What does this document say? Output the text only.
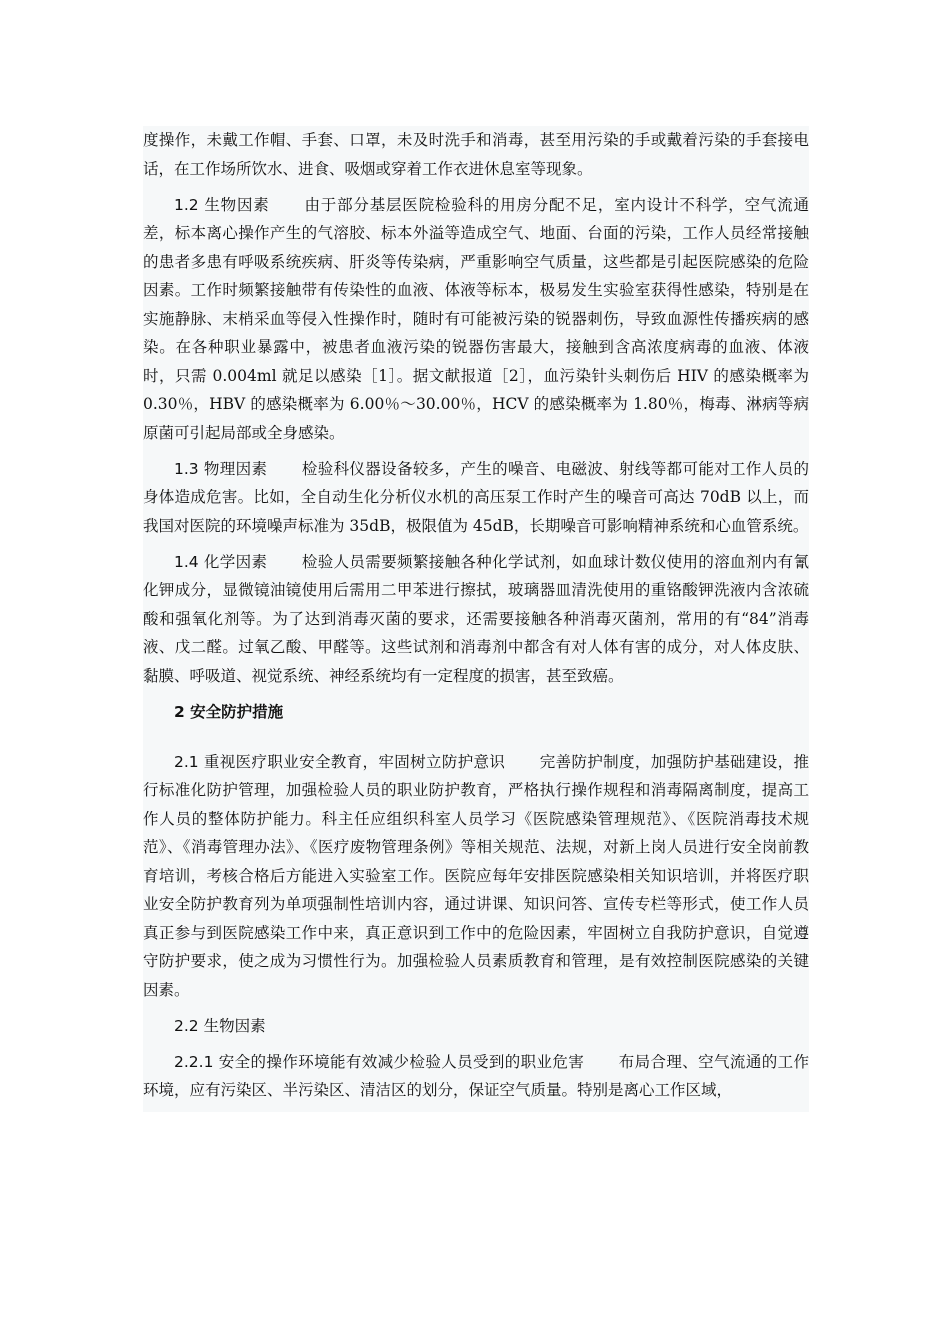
度操作，未戴工作帽、手套、口罩，未及时洗手和消毒，甚至用污染的手或戴着污染的手套接电话，在工作场所饮水、进食、吸烟或穿着工作衣进休息室等现象。

1.2 生物因素 由于部分基层医院检验科的用房分配不足，室内设计不科学，空气流通差，标本离心操作产生的气溶胶、标本外溢等造成空气、地面、台面的污染，工作人员经常接触的患者多患有呼吸系统疾病、肝炎等传染病，严重影响空气质量，这些都是引起医院感染的危险因素。工作时频繁接触带有传染性的血液、体液等标本，极易发生实验室获得性感染，特别是在实施静脉、末梢采血等侵入性操作时，随时有可能被污染的锐器刺伤，导致血源性传播疾病的感染。在各种职业暴露中，被患者血液污染的锐器伤害最大，接触到含高浓度病毒的血液、体液时，只需 0.004ml 就足以感染［1］。据文献报道［2］，血污染针头刺伤后 HIV 的感染概率为 0.30％，HBV 的感染概率为 6.00％～30.00％，HCV 的感染概率为 1.80％，梅毒、淋病等病原菌可引起局部或全身感染。

1.3 物理因素 检验科仪器设备较多，产生的噪音、电磁波、射线等都可能对工作人员的身体造成危害。比如，全自动生化分析仪水机的高压泵工作时产生的噪音可高达 70dB 以上，而我国对医院的环境噪声标准为 35dB，极限值为 45dB，长期噪音可影响精神系统和心血管系统。

1.4 化学因素 检验人员需要频繁接触各种化学试剂，如血球计数仪使用的溶血剂内有氰化钾成分，显微镜油镜使用后需用二甲苯进行擦拭，玻璃器皿清洗使用的重铬酸钾洗液内含浓硫酸和强氧化剂等。为了达到消毒灭菌的要求，还需要接触各种消毒灭菌剂，常用的有“84”消毒液、戊二醛。过氧乙酸、甲醛等。这些试剂和消毒剂中都含有对人体有害的成分，对人体皮肤、黏膜、呼吸道、视觉系统、神经系统均有一定程度的损害，甚至致癌。

2 安全防护措施

2.1 重视医疗职业安全教育，牢固树立防护意识 完善防护制度，加强防护基础建设，推行标准化防护管理，加强检验人员的职业防护教育，严格执行操作规程和消毒隔离制度，提高工作人员的整体防护能力。科主任应组织科室人员学习《医院感染管理规范》、《医院消毒技术规范》、《消毒管理办法》、《医疗废物管理条例》等相关规范、法规，对新上岗人员进行安全岗前教育培训，考核合格后方能进入实验室工作。医院应每年安排医院感染相关知识培训，并将医疗职业安全防护教育列为单项强制性培训内容，通过讲课、知识问答、宣传专栏等形式，使工作人员真正参与到医院感染工作中来，真正意识到工作中的危险因素，牢固树立自我防护意识，自觉遵守防护要求，使之成为习惯性行为。加强检验人员素质教育和管理，是有效控制医院感染的关键因素。

2.2 生物因素

2.2.1 安全的操作环境能有效减少检验人员受到的职业危害 布局合理、空气流通的工作环境，应有污染区、半污染区、清洁区的划分，保证空气质量。特别是离心工作区域，
